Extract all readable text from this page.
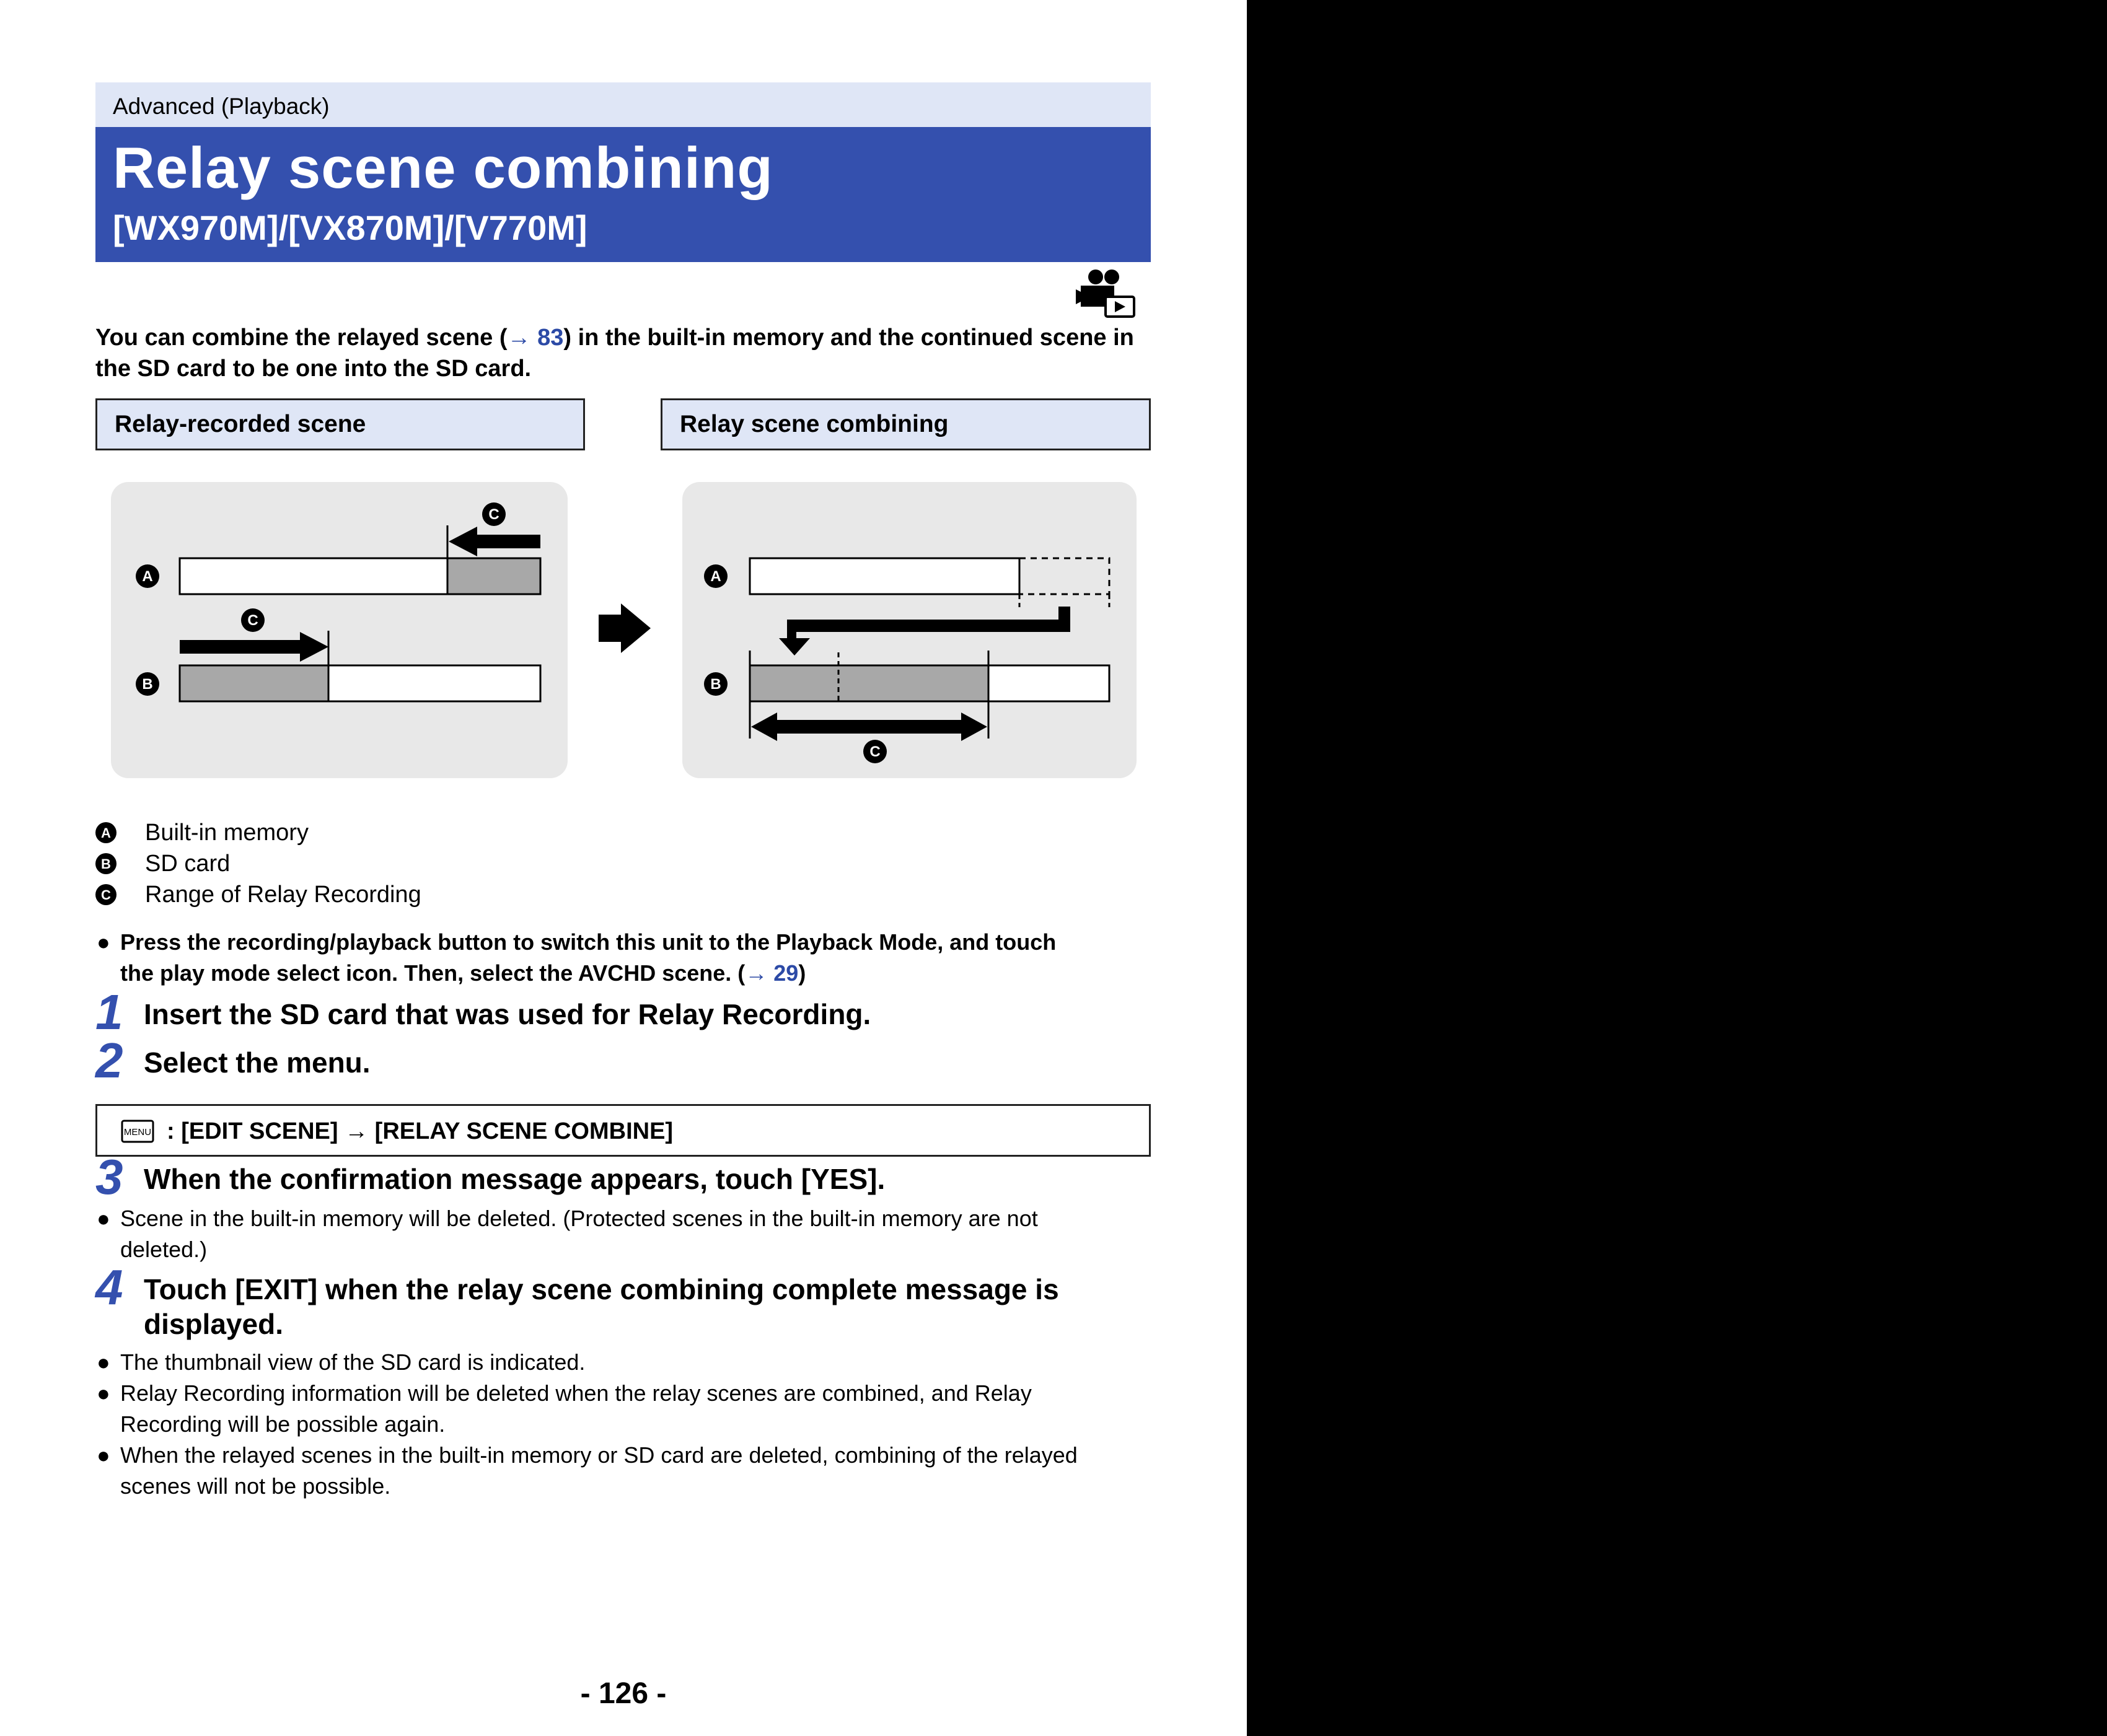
Advanced (Playback)
Relay scene combining
[WX970M]/[VX870M]/[V770M]
You can combine the relayed scene (→ 83) in the built-in memory and the continued scene in the SD card to be one into the SD card.
Relay-recorded scene	Relay scene combining
A
C
B
C
A
B
C
A Built-in memory
B SD card
C Range of Relay Recording
● Press the recording/playback button to switch this unit to the Playback Mode, and touch
the play mode select icon. Then, select the AVCHD scene. (→ 29)
1 Insert the SD card that was used for Relay Recording.
2 Select the menu.
MENU : [EDIT SCENE] → [RELAY SCENE COMBINE]
3 When the confirmation message appears, touch [YES].
● Scene in the built-in memory will be deleted. (Protected scenes in the built-in memory are not
deleted.)
4 Touch [EXIT] when the relay scene combining complete message is
displayed.
● The thumbnail view of the SD card is indicated.
● Relay Recording information will be deleted when the relay scenes are combined, and Relay
Recording will be possible again.
● When the relayed scenes in the built-in memory or SD card are deleted, combining of the relayed
scenes will not be possible.
- 126 -
